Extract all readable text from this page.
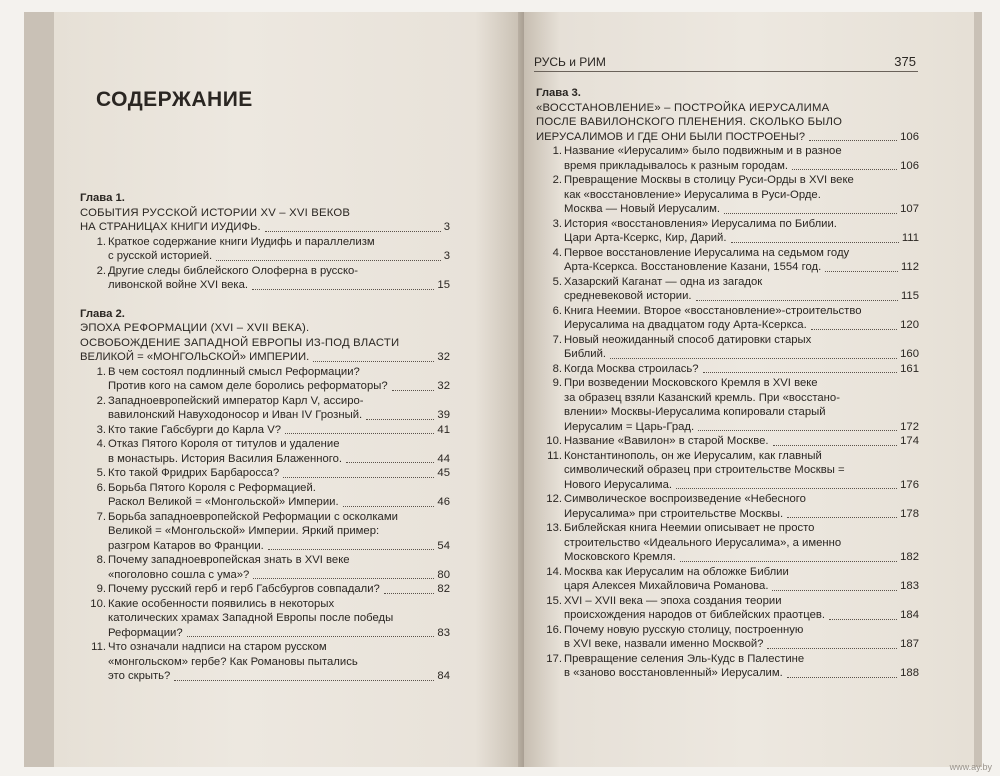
СОДЕРЖАНИЕ
РУСЬ и РИМ	375
Глава 1.
СОБЫТИЯ РУССКОЙ ИСТОРИИ XV – XVI ВЕКОВ
НА СТРАНИЦАХ КНИГИ ИУДИФЬ.	3
1. Краткое содержание книги Иудифь и параллелизм
с русской историей.	3
2. Другие следы библейского Олоферна в русско-
ливонской войне XVI века.	15
Глава 2.
ЭПОХА РЕФОРМАЦИИ (XVI – XVII ВЕКА).
ОСВОБОЖДЕНИЕ ЗАПАДНОЙ ЕВРОПЫ ИЗ-ПОД ВЛАСТИ
ВЕЛИКОЙ = «МОНГОЛЬСКОЙ» ИМПЕРИИ.	32
1. В чем состоял подлинный смысл Реформации?
Против кого на самом деле боролись реформаторы?	32
2. Западноевропейский император Карл V, ассиро-
вавилонский Навуходоносор и Иван IV Грозный.	39
3. Кто такие Габсбурги до Карла V?	41
4. Отказ Пятого Короля от титулов и удаление
в монастырь. История Василия Блаженного.	44
5. Кто такой Фридрих Барбаросса?	45
6. Борьба Пятого Короля с Реформацией.
Раскол Великой = «Монгольской» Империи.	46
7. Борьба западноевропейской Реформации с осколками
Великой = «Монгольской» Империи. Яркий пример:
разгром Катаров во Франции.	54
8. Почему западноевропейская знать в XVI веке
«поголовно сошла с ума»?	80
9. Почему русский герб и герб Габсбургов совпадали?	82
10. Какие особенности появились в некоторых
католических храмах Западной Европы после победы
Реформации?	83
11. Что означали надписи на старом русском
«монгольском» гербе? Как Романовы пытались
это скрыть?	84
Глава 3.
«ВОССТАНОВЛЕНИЕ» – ПОСТРОЙКА ИЕРУСАЛИМА
ПОСЛЕ ВАВИЛОНСКОГО ПЛЕНЕНИЯ. СКОЛЬКО БЫЛО
ИЕРУСАЛИМОВ И ГДЕ ОНИ БЫЛИ ПОСТРОЕНЫ?	106
1. Название «Иерусалим» было подвижным и в разное
время прикладывалось к разным городам.	106
2. Превращение Москвы в столицу Руси-Орды в XVI веке
как «восстановление» Иерусалима в Руси-Орде.
Москва — Новый Иерусалим.	107
3. История «восстановления» Иерусалима по Библии.
Цари Арта-Ксеркс, Кир, Дарий.	111
4. Первое восстановление Иерусалима на седьмом году
Арта-Ксеркса. Восстановление Казани, 1554 год.	112
5. Хазарский Каганат — одна из загадок
средневековой истории.	115
6. Книга Неемии. Второе «восстановление»-строительство
Иерусалима на двадцатом году Арта-Ксеркса.	120
7. Новый неожиданный способ датировки старых
Библий.	160
8. Когда Москва строилась?	161
9. При возведении Московского Кремля в XVI веке
за образец взяли Казанский кремль. При «восстано-
влении» Москвы-Иерусалима копировали старый
Иерусалим = Царь-Град.	172
10. Название «Вавилон» в старой Москве.	174
11. Константинополь, он же Иерусалим, как главный
символический образец при строительстве Москвы =
Нового Иерусалима.	176
12. Символическое воспроизведение «Небесного
Иерусалима» при строительстве Москвы.	178
13. Библейская книга Неемии описывает не просто
строительство «Идеального Иерусалима», а именно
Московского Кремля.	182
14. Москва как Иерусалим на обложке Библии
царя Алексея Михайловича Романова.	183
15. XVI – XVII века — эпоха создания теории
происхождения народов от библейских праотцев.	184
16. Почему новую русскую столицу, построенную
в XVI веке, назвали именно Москвой?	187
17. Превращение селения Эль-Кудс в Палестине
в «заново восстановленный» Иерусалим.	188
www.ay.by
